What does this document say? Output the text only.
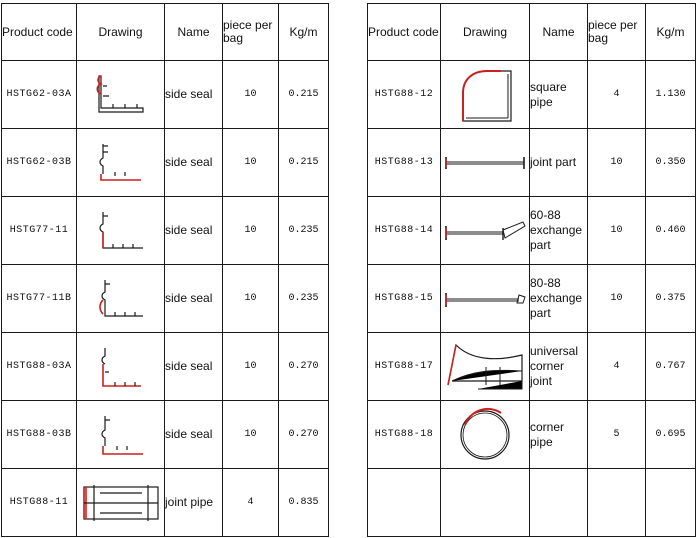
Product code	Drawing	Name	piece per bag	Kg/m
HSTG62-03A		side seal	10	0.215
HSTG62-03B		side seal	10	0.215
HSTG77-11		side seal	10	0.235
HSTG77-11B		side seal	10	0.235
HSTG88-03A		side seal	10	0.270
HSTG88-03B		side seal	10	0.270
HSTG88-11		joint pipe	4	0.835
Product code	Drawing	Name	piece per bag	Kg/m
HSTG88-12		square pipe	4	1.130
HSTG88-13		joint part	10	0.350
HSTG88-14		60-88 exchange part	10	0.460
HSTG88-15		80-88 exchange part	10	0.375
HSTG88-17		universal corner joint	4	0.767
HSTG88-18		corner pipe	5	0.695
